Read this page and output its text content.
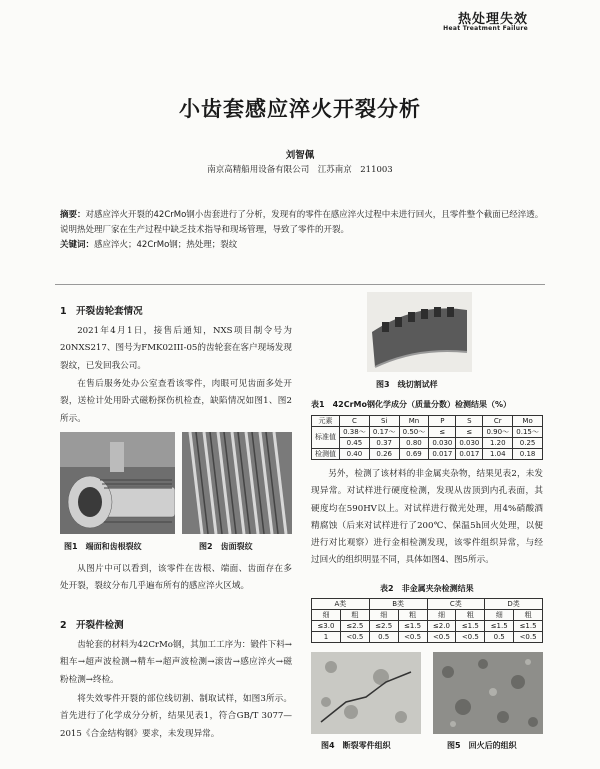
热处理失效
Heat Treatment Failure
小齿套感应淬火开裂分析
刘智佩
南京高精船用设备有限公司　江苏南京　211003
摘要：对感应淬火开裂的42CrMo钢小齿套进行了分析，发现有的零件在感应淬火过程中未进行回火，且零件整个截面已经淬透。说明热处理厂家在生产过程中缺乏技术指导和现场管理，导致了零件的开裂。
关键词：感应淬火；42CrMo钢；热处理；裂纹
1　开裂齿轮套情况
2021年4月1日，接售后通知，NXS项目制令号为20NXS217、图号为FMK02III-05的齿轮套在客户现场发现裂纹，已发回我公司。
在售后服务处办公室查看该零件，肉眼可见齿面多处开裂，送检计处用卧式磁粉探伤机检查，缺陷情况如图1、图2所示。
图1　端面和齿根裂纹	图2　齿面裂纹
从图片中可以看到，该零件在齿根、端面、齿面存在多处开裂，裂纹分布几乎遍布所有的感应淬火区域。
2　开裂件检测
齿轮套的材料为42CrMo钢，其加工工序为：锻件下料→粗车→超声波检测→精车→超声波检测→滚齿→感应淬火→磁粉检测→终检。
将失效零件开裂的部位线切割、制取试样，如图3所示。首先进行了化学成分分析，结果见表1，符合GB/T 3077—2015《合金结构钢》要求，未发现异常。
图3　线切割试样
表1　42CrMo钢化学成分（质量分数）检测结果（%）
元素	C	Si	Mn	P	S	Cr	Mo
标准值	0.38～	0.17～	0.50～	≤	≤	0.90～	0.15～
	0.45	0.37	0.80	0.030	0.030	1.20	0.25
检测值	0.40	0.26	0.69	0.017	0.017	1.04	0.18
另外，检测了该材料的非金属夹杂物，结果见表2，未发现异常。对试样进行硬度检测，发现从齿顶到内孔表面，其硬度均在590HV以上。对试样进行微光处理，用4%硝酸酒精腐蚀（后来对试样进行了200℃、保温5h回火处理，以便进行对比观察）进行金相检测发现，该零件组织异常，与经过回火的组织明显不同，具体如图4、图5所示。
表2　非金属夹杂检测结果
A类		B类		C类		D类	
细	粗	细	粗	细	粗	细	粗
≤3.0	≤2.5	≤2.5	≤1.5	≤2.0	≤1.5	≤1.5	≤1.5
1	<0.5	0.5	<0.5	<0.5	<0.5	0.5	<0.5
图4　断裂零件组织	图5　回火后的组织
